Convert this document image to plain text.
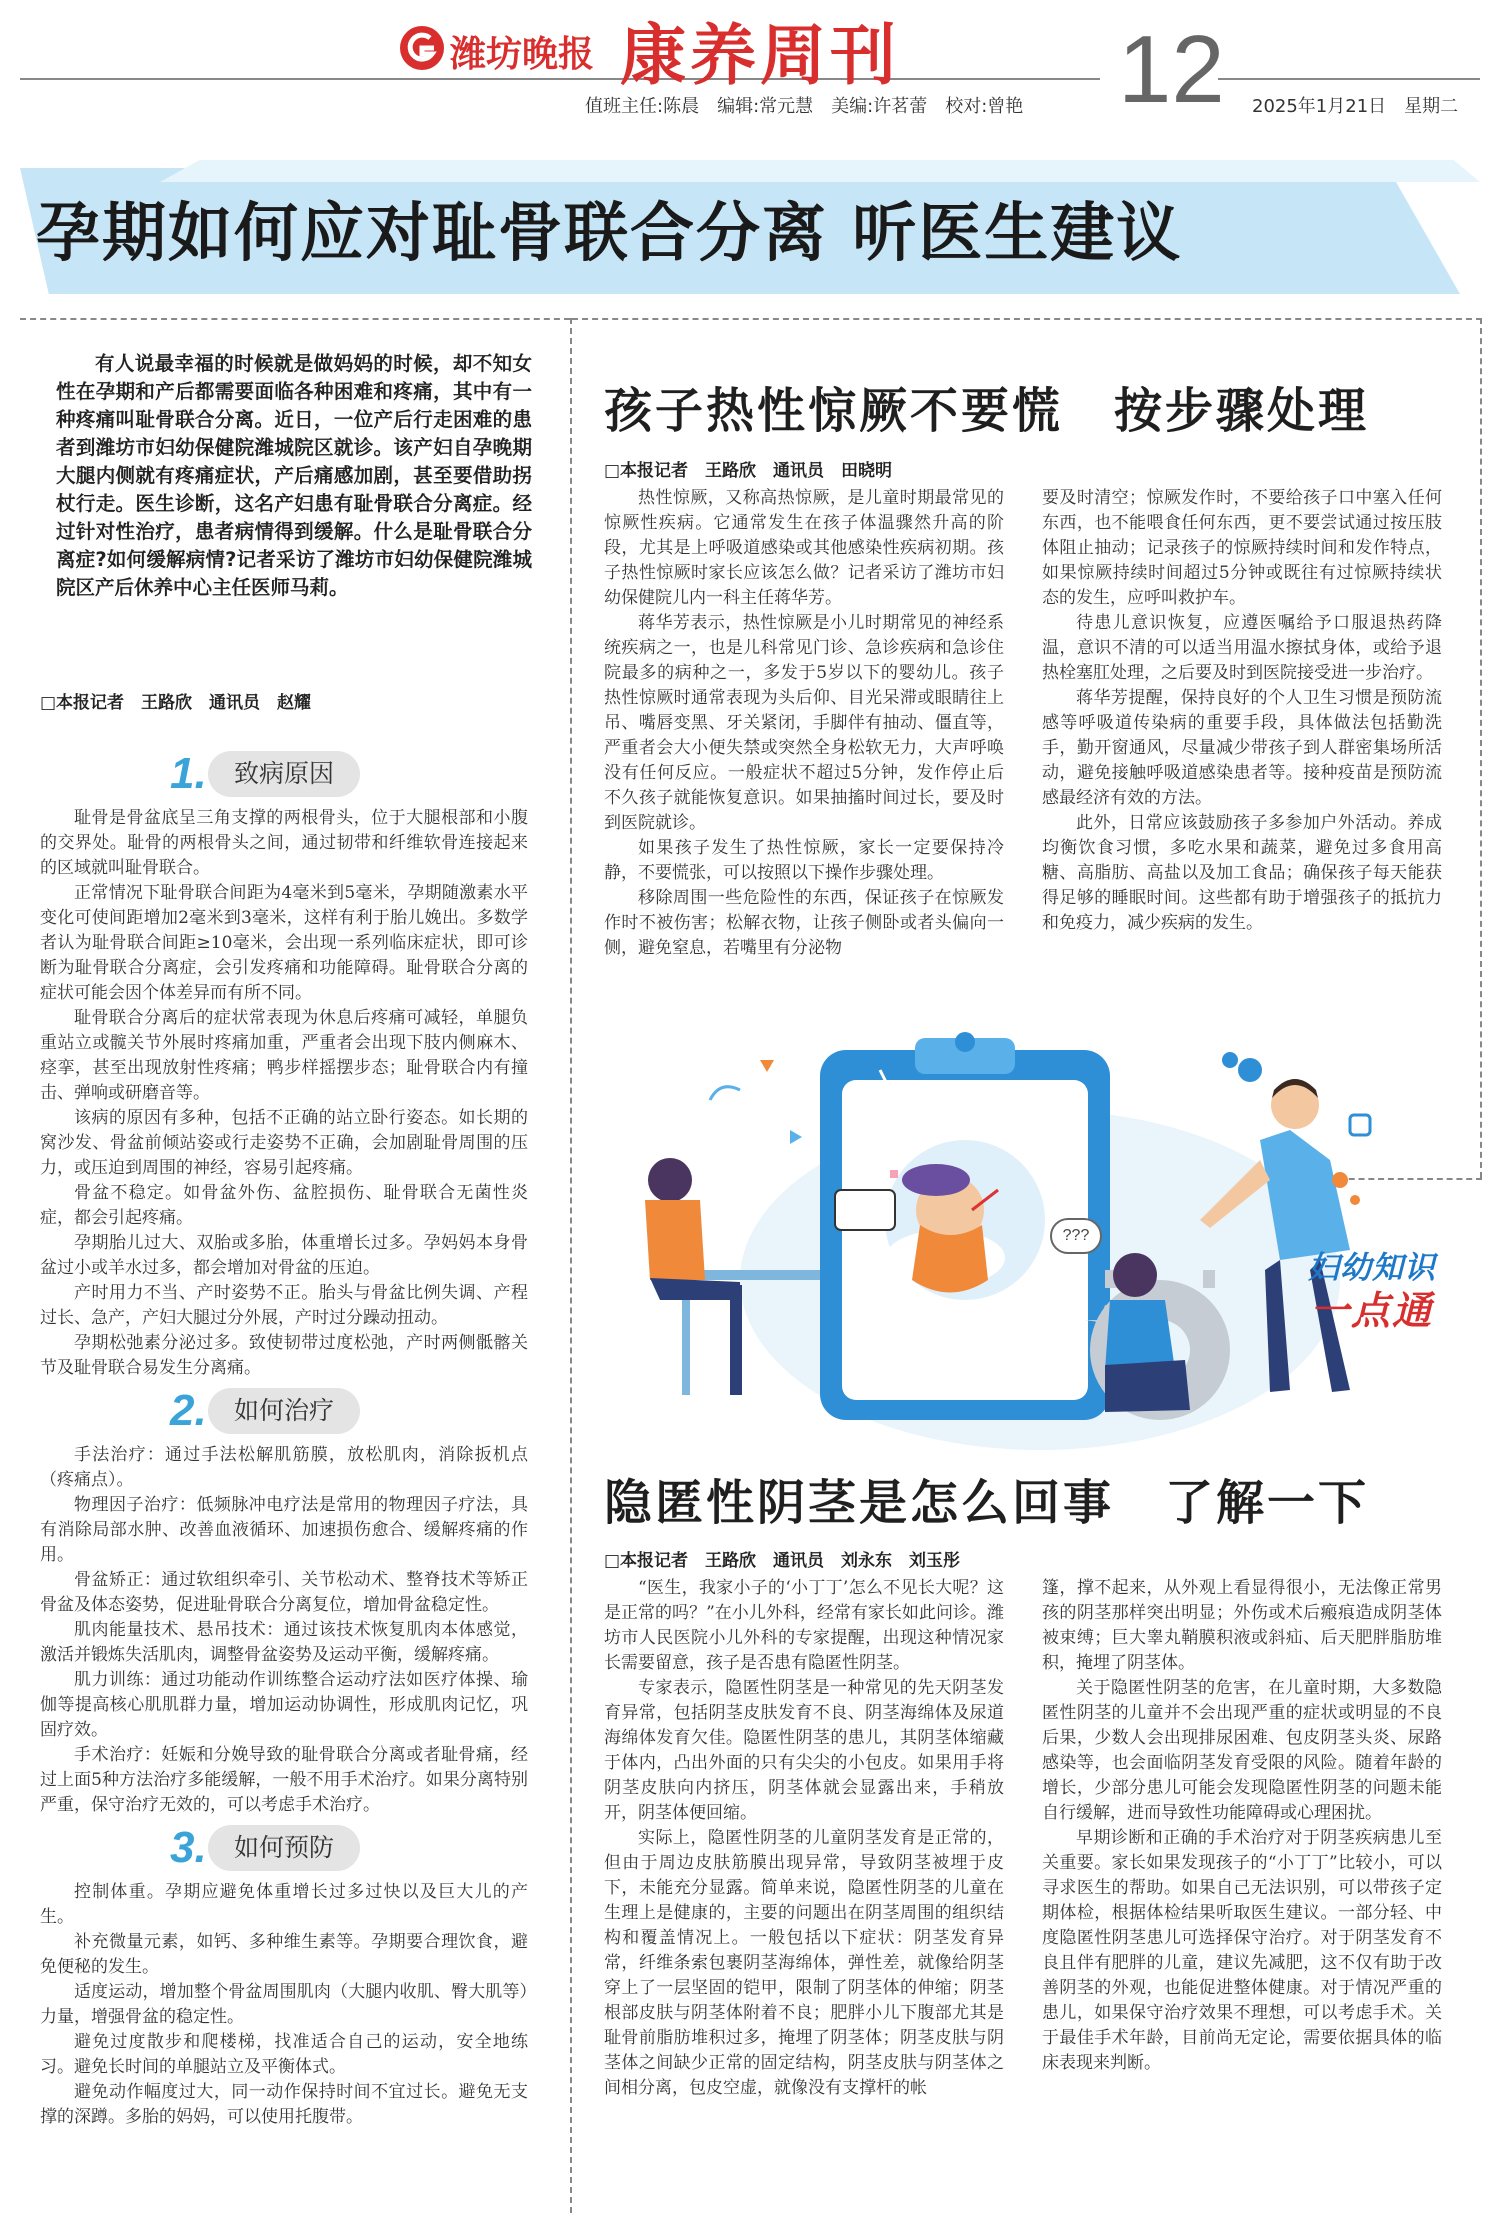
潍坊晚报 康养周刊
值班主任:陈晨　编辑:常元慧　美编:许茗蕾　校对:曾艳 12 2025年1月21日　星期二
孕期如何应对耻骨联合分离 听医生建议
有人说最幸福的时候就是做妈妈的时候，却不知女性在孕期和产后都需要面临各种困难和疼痛，其中有一种疼痛叫耻骨联合分离。近日，一位产后行走困难的患者到潍坊市妇幼保健院潍城院区就诊。该产妇自孕晚期大腿内侧就有疼痛症状，产后痛感加剧，甚至要借助拐杖行走。医生诊断，这名产妇患有耻骨联合分离症。经过针对性治疗，患者病情得到缓解。什么是耻骨联合分离症?如何缓解病情?记者采访了潍坊市妇幼保健院潍城院区产后休养中心主任医师马莉。
□本报记者　王路欣　通讯员　赵耀
1.	致病原因

耻骨是骨盆底呈三角支撑的两根骨头，位于大腿根部和小腹的交界处。耻骨的两根骨头之间，通过韧带和纤维软骨连接起来的区域就叫耻骨联合。

正常情况下耻骨联合间距为4毫米到5毫米，孕期随激素水平变化可使间距增加2毫米到3毫米，这样有利于胎儿娩出。多数学者认为耻骨联合间距≥10毫米，会出现一系列临床症状，即可诊断为耻骨联合分离症，会引发疼痛和功能障碍。耻骨联合分离的症状可能会因个体差异而有所不同。

耻骨联合分离后的症状常表现为休息后疼痛可减轻，单腿负重站立或髋关节外展时疼痛加重，严重者会出现下肢内侧麻木、痉挛，甚至出现放射性疼痛；鸭步样摇摆步态；耻骨联合内有撞击、弹响或研磨音等。

该病的原因有多种，包括不正确的站立卧行姿态。如长期的窝沙发、骨盆前倾站姿或行走姿势不正确，会加剧耻骨周围的压力，或压迫到周围的神经，容易引起疼痛。

骨盆不稳定。如骨盆外伤、盆腔损伤、耻骨联合无菌性炎症，都会引起疼痛。

孕期胎儿过大、双胎或多胎，体重增长过多。孕妈妈本身骨盆过小或羊水过多，都会增加对骨盆的压迫。

产时用力不当、产时姿势不正。胎头与骨盆比例失调、产程过长、急产，产妇大腿过分外展，产时过分躁动扭动。

孕期松弛素分泌过多。致使韧带过度松弛，产时两侧骶髂关节及耻骨联合易发生分离痛。

2.	如何治疗

手法治疗：通过手法松解肌筋膜，放松肌肉，消除扳机点（疼痛点）。

物理因子治疗：低频脉冲电疗法是常用的物理因子疗法，具有消除局部水肿、改善血液循环、加速损伤愈合、缓解疼痛的作用。

骨盆矫正：通过软组织牵引、关节松动术、整脊技术等矫正骨盆及体态姿势，促进耻骨联合分离复位，增加骨盆稳定性。

肌肉能量技术、悬吊技术：通过该技术恢复肌肉本体感觉，激活并锻炼失活肌肉，调整骨盆姿势及运动平衡，缓解疼痛。

肌力训练：通过功能动作训练整合运动疗法如医疗体操、瑜伽等提高核心肌肌群力量，增加运动协调性，形成肌肉记忆，巩固疗效。

手术治疗：妊娠和分娩导致的耻骨联合分离或者耻骨痛，经过上面5种方法治疗多能缓解，一般不用手术治疗。如果分离特别严重，保守治疗无效的，可以考虑手术治疗。

3.	如何预防

控制体重。孕期应避免体重增长过多过快以及巨大儿的产生。

补充微量元素，如钙、多种维生素等。孕期要合理饮食，避免便秘的发生。

适度运动，增加整个骨盆周围肌肉（大腿内收肌、臀大肌等）力量，增强骨盆的稳定性。

避免过度散步和爬楼梯，找准适合自己的运动，安全地练习。避免长时间的单腿站立及平衡体式。

避免动作幅度过大，同一动作保持时间不宜过长。避免无支撑的深蹲。多胎的妈妈，可以使用托腹带。

孩子热性惊厥不要慌　按步骤处理
□本报记者　王路欣　通讯员　田晓明

热性惊厥，又称高热惊厥，是儿童时期最常见的惊厥性疾病。它通常发生在孩子体温骤然升高的阶段，尤其是上呼吸道感染或其他感染性疾病初期。孩子热性惊厥时家长应该怎么做？记者采访了潍坊市妇幼保健院儿内一科主任蒋华芳。

蒋华芳表示，热性惊厥是小儿时期常见的神经系统疾病之一，也是儿科常见门诊、急诊疾病和急诊住院最多的病种之一，多发于5岁以下的婴幼儿。孩子热性惊厥时通常表现为头后仰、目光呆滞或眼睛往上吊、嘴唇变黑、牙关紧闭，手脚伴有抽动、僵直等，严重者会大小便失禁或突然全身松软无力，大声呼唤没有任何反应。一般症状不超过5分钟，发作停止后不久孩子就能恢复意识。如果抽搐时间过长，要及时到医院就诊。

如果孩子发生了热性惊厥，家长一定要保持冷静，不要慌张，可以按照以下操作步骤处理。

移除周围一些危险性的东西，保证孩子在惊厥发作时不被伤害；松解衣物，让孩子侧卧或者头偏向一侧，避免窒息，若嘴里有分泌物

要及时清空；惊厥发作时，不要给孩子口中塞入任何东西，也不能喂食任何东西，更不要尝试通过按压肢体阻止抽动；记录孩子的惊厥持续时间和发作特点，如果惊厥持续时间超过5分钟或既往有过惊厥持续状态的发生，应呼叫救护车。

待患儿意识恢复，应遵医嘱给予口服退热药降温，意识不清的可以适当用温水擦拭身体，或给予退热栓塞肛处理，之后要及时到医院接受进一步治疗。

蒋华芳提醒，保持良好的个人卫生习惯是预防流感等呼吸道传染病的重要手段，具体做法包括勤洗手，勤开窗通风，尽量减少带孩子到人群密集场所活动，避免接触呼吸道感染患者等。接种疫苗是预防流感最经济有效的方法。

此外，日常应该鼓励孩子多参加户外活动。养成均衡饮食习惯，多吃水果和蔬菜，避免过多食用高糖、高脂肪、高盐以及加工食品；确保孩子每天能获得足够的睡眠时间。这些都有助于增强孩子的抵抗力和免疫力，减少疾病的发生。

???
妇幼知识
一点通
隐匿性阴茎是怎么回事　了解一下
□本报记者　王路欣　通讯员　刘永东　刘玉彤

“医生，我家小子的‘小丁丁’怎么不见长大呢？这是正常的吗？”在小儿外科，经常有家长如此问诊。潍坊市人民医院小儿外科的专家提醒，出现这种情况家长需要留意，孩子是否患有隐匿性阴茎。

专家表示，隐匿性阴茎是一种常见的先天阴茎发育异常，包括阴茎皮肤发育不良、阴茎海绵体及尿道海绵体发育欠佳。隐匿性阴茎的患儿，其阴茎体缩藏于体内，凸出外面的只有尖尖的小包皮。如果用手将阴茎皮肤向内挤压，阴茎体就会显露出来，手稍放开，阴茎体便回缩。

实际上，隐匿性阴茎的儿童阴茎发育是正常的，但由于周边皮肤筋膜出现异常，导致阴茎被埋于皮下，未能充分显露。简单来说，隐匿性阴茎的儿童在生理上是健康的，主要的问题出在阴茎周围的组织结构和覆盖情况上。一般包括以下症状：阴茎发育异常，纤维条索包裹阴茎海绵体，弹性差，就像给阴茎穿上了一层坚固的铠甲，限制了阴茎体的伸缩；阴茎根部皮肤与阴茎体附着不良；肥胖小儿下腹部尤其是耻骨前脂肪堆积过多，掩埋了阴茎体；阴茎皮肤与阴茎体之间缺少正常的固定结构，阴茎皮肤与阴茎体之间相分离，包皮空虚，就像没有支撑杆的帐

篷，撑不起来，从外观上看显得很小，无法像正常男孩的阴茎那样突出明显；外伤或术后瘢痕造成阴茎体被束缚；巨大睾丸鞘膜积液或斜疝、后天肥胖脂肪堆积，掩埋了阴茎体。

关于隐匿性阴茎的危害，在儿童时期，大多数隐匿性阴茎的儿童并不会出现严重的症状或明显的不良后果，少数人会出现排尿困难、包皮阴茎头炎、尿路感染等，也会面临阴茎发育受限的风险。随着年龄的增长，少部分患儿可能会发现隐匿性阴茎的问题未能自行缓解，进而导致性功能障碍或心理困扰。

早期诊断和正确的手术治疗对于阴茎疾病患儿至关重要。家长如果发现孩子的“小丁丁”比较小，可以寻求医生的帮助。如果自己无法识别，可以带孩子定期体检，根据体检结果听取医生建议。一部分轻、中度隐匿性阴茎患儿可选择保守治疗。对于阴茎发育不良且伴有肥胖的儿童，建议先减肥，这不仅有助于改善阴茎的外观，也能促进整体健康。对于情况严重的患儿，如果保守治疗效果不理想，可以考虑手术。关于最佳手术年龄，目前尚无定论，需要依据具体的临床表现来判断。
